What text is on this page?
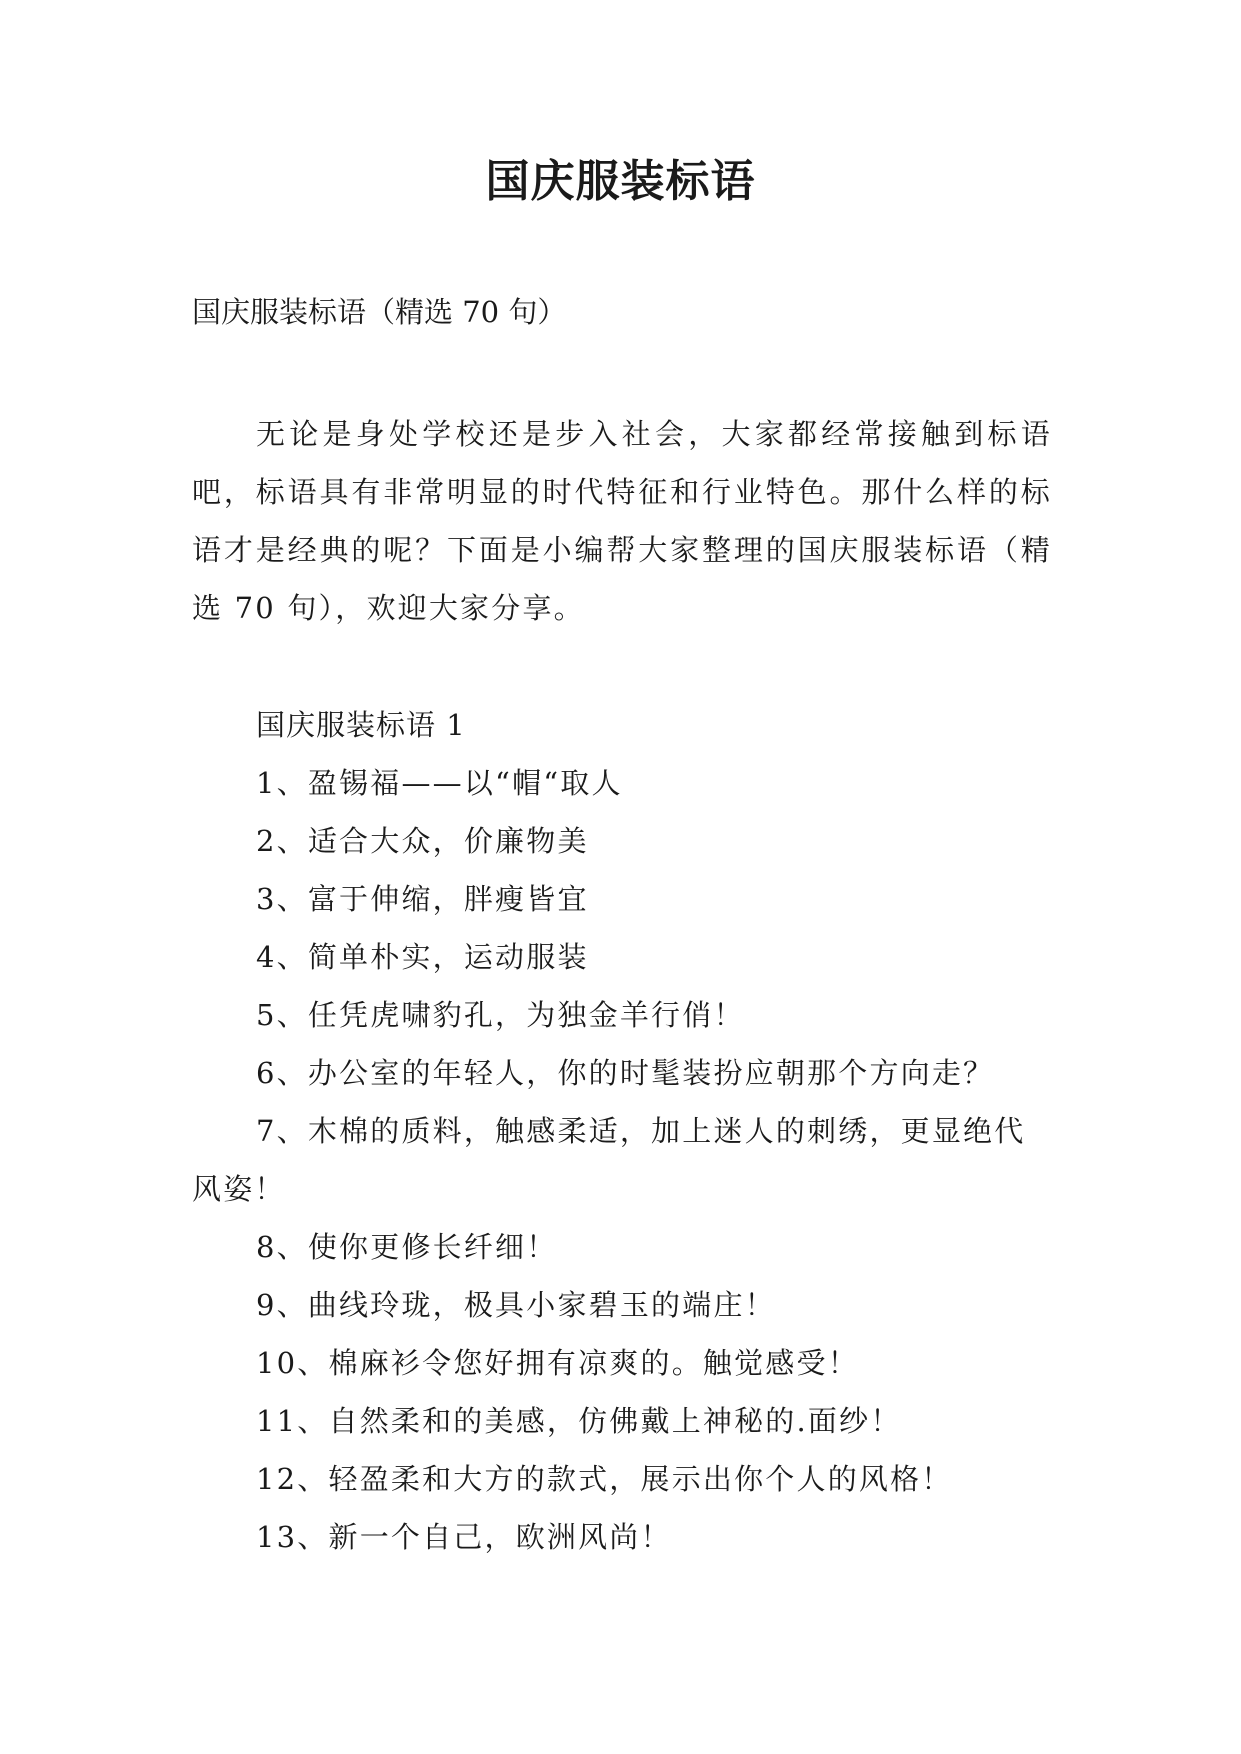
国庆服装标语

国庆服装标语（精选 70 句）

无论是身处学校还是步入社会，大家都经常接触到标语吧，标语具有非常明显的时代特征和行业特色。那什么样的标语才是经典的呢？下面是小编帮大家整理的国庆服装标语（精选 70 句），欢迎大家分享。

国庆服装标语 1

1、盈锡福——以“帽“取人

2、适合大众，价廉物美

3、富于伸缩，胖瘦皆宜

4、简单朴实，运动服装

5、任凭虎啸豹孔，为独金羊行俏！

6、办公室的年轻人，你的时髦装扮应朝那个方向走？

7、木棉的质料，触感柔适，加上迷人的刺绣，更显绝代风姿！

8、使你更修长纤细！

9、曲线玲珑，极具小家碧玉的端庄！

10、棉麻衫令您好拥有凉爽的。触觉感受！

11、自然柔和的美感，仿佛戴上神秘的.面纱！

12、轻盈柔和大方的款式，展示出你个人的风格！

13、新一个自己，欧洲风尚！
